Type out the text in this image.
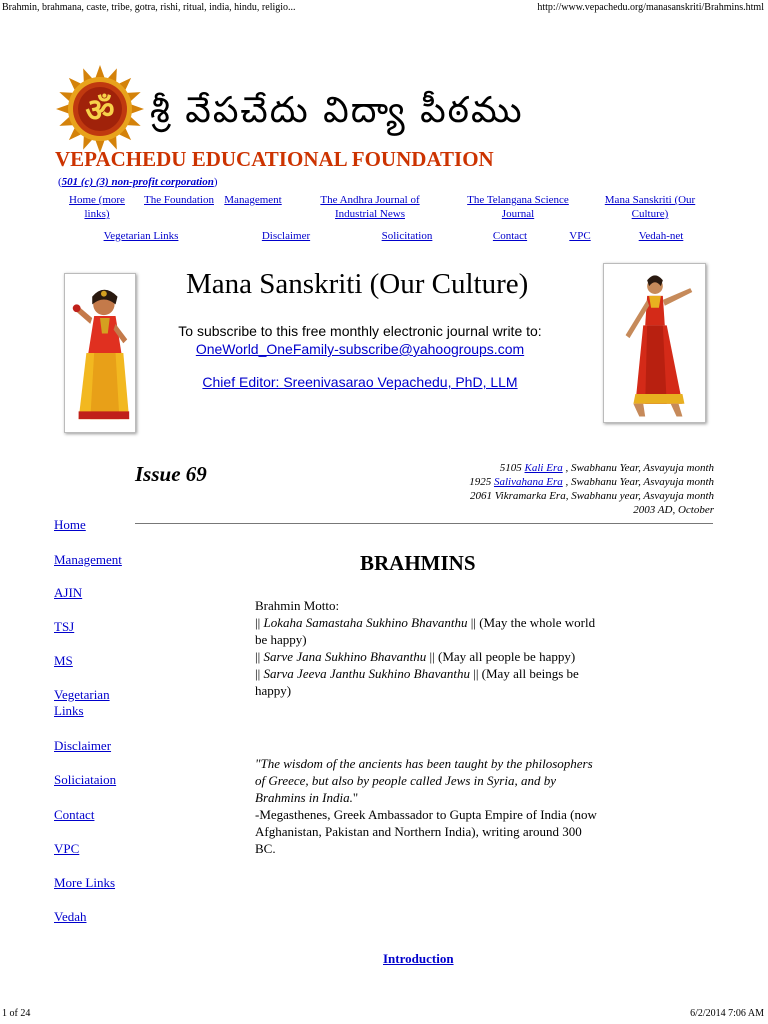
Brahmin, brahmana, caste, tribe, gotra, rishi, ritual, india, hindu, religio...	http://www.vepachedu.org/manasanskriti/Brahmins.html
ॐ శ్రీ వేపచేదు విద్యా పీఠము
VEPACHEDU EDUCATIONAL FOUNDATION
(501 (c) (3) non-profit corporation)
Home (more links)
The Foundation Management	The Andhra Journal of Industrial News
The Telangana Science Journal
Mana Sanskriti (Our Culture)
Vegetarian Links	Disclaimer	Solicitation	Contact	VPC	Vedah-net
Mana Sanskriti (Our Culture)
To subscribe to this free monthly electronic journal write to:
OneWorld_OneFamily-subscribe@yahoogroups.com
Chief Editor: Sreenivasarao Vepachedu, PhD, LLM
Issue 69	5105 Kali Era , Swabhanu Year, Asvayuja month
1925 Salivahana Era , Swabhanu Year, Asvayuja month
2061 Vikramarka Era, Swabhanu year, Asvayuja month
2003 AD, October
Home
Management
AJIN
TSJ
MS
Vegetarian Links
Disclaimer
Soliciataion
Contact
VPC
More Links
Vedah
BRAHMINS
Brahmin Motto:
|| Lokaha Samastaha Sukhino Bhavanthu || (May the whole world be happy)
|| Sarve Jana Sukhino Bhavanthu || (May all people be happy)
|| Sarva Jeeva Janthu Sukhino Bhavanthu || (May all beings be happy)
"The wisdom of the ancients has been taught by the philosophers of Greece, but also by people called Jews in Syria, and by Brahmins in India."
-Megasthenes, Greek Ambassador to Gupta Empire of India (now Afghanistan, Pakistan and Northern India), writing around 300 BC.
Introduction
1 of 24	6/2/2014 7:06 AM
